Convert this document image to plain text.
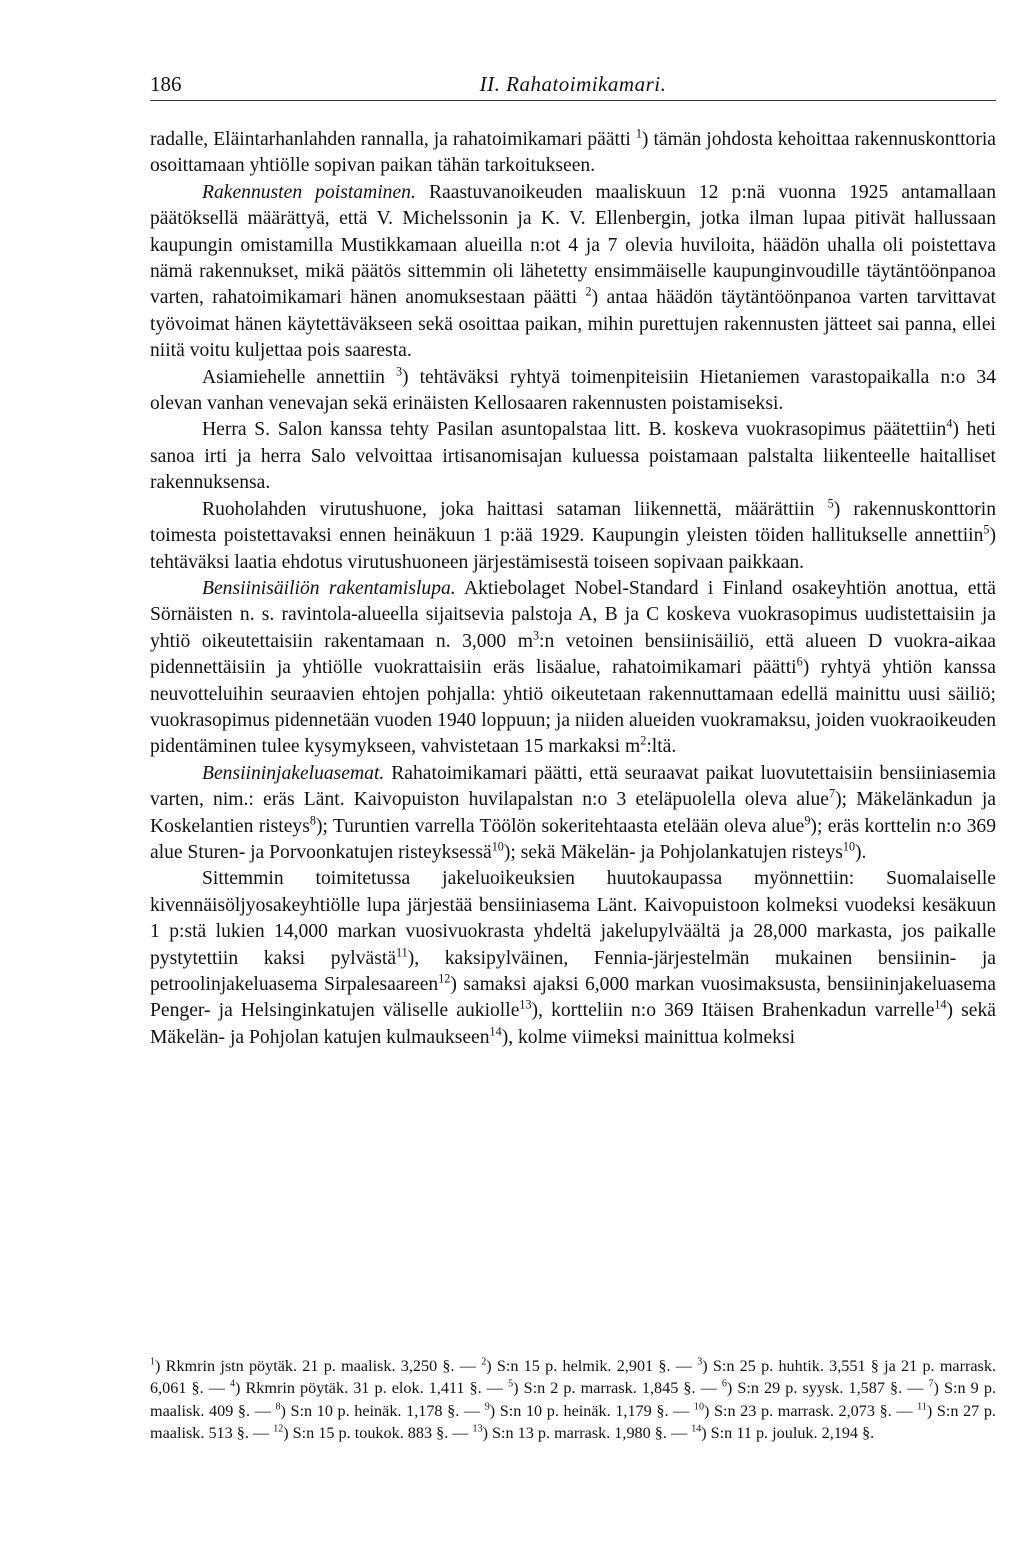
186	II. Rahatoimikamari.

radalle, Eläintarhanlahden rannalla, ja rahatoimikamari päätti $^1$) tämän johdosta kehoittaa rakennuskonttoria osoittamaan yhtiölle sopivan paikan tähän tarkoitukseen.

Rakennusten poistaminen. Raastuvanoikeuden maaliskuun 12 p:nä vuonna 1925 antamallaan päätöksellä määrättyä, että V. Michelssonin ja K. V. Ellenbergin, jotka ilman lupaa pitivät hallussaan kaupungin omistamilla Mustikkamaan alueilla n:ot 4 ja 7 olevia huviloita, häädön uhalla oli poistettava nämä rakennukset, mikä päätös sittemmin oli lähetetty ensimmäiselle kaupunginvoudille täytäntöönpanoa varten, rahatoimikamari hänen anomuksestaan päätti $^2$) antaa häädön täytäntöönpanoa varten tarvittavat työvoimat hänen käytettäväkseen sekä osoittaa paikan, mihin purettujen rakennusten jätteet sai panna, ellei niitä voitu kuljettaa pois saaresta.

Asiamiehelle annettiin $^3$) tehtäväksi ryhtyä toimenpiteisiin Hietaniemen varastopaikalla n:o 34 olevan vanhan venevajan sekä erinäisten Kellosaaren rakennusten poistamiseksi.

Herra S. Salon kanssa tehty Pasilan asuntopalstaa litt. B. koskeva vuokrasopimus päätettiin$^4$) heti sanoa irti ja herra Salo velvoittaa irtisanomisajan kuluessa poistamaan palstalta liikenteelle haitalliset rakennuksensa.

Ruoholahden virutushuone, joka haittasi sataman liikennettä, määrättiin $^5$) rakennuskonttorin toimesta poistettavaksi ennen heinäkuun 1 p:ää 1929. Kaupungin yleisten töiden hallitukselle annettiin$^5$) tehtäväksi laatia ehdotus virutushuoneen järjestämisestä toiseen sopivaan paikkaan.

Bensiinisäiliön rakentamislupa. Aktiebolaget Nobel-Standard i Finland osakeyhtiön anottua, että Sörnäisten n. s. ravintola-alueella sijaitsevia palstoja A, B ja C koskeva vuokrasopimus uudistettaisiin ja yhtiö oikeutettaisiin rakentamaan n. 3,000 $m^3:n$ vetoinen bensiinisäiliö, että alueen D vuokra-aikaa pidennettäisiin ja yhtiölle vuokrattaisiin eräs lisäalue, rahatoimikamari päätti$^6$) ryhtyä yhtiön kanssa neuvotteluihin seuraavien ehtojen pohjalla: yhtiö oikeutetaan rakennuttamaan edellä mainittu uusi säiliö; vuokrasopimus pidennetään vuoden 1940 loppuun; ja niiden alueiden vuokramaksu, joiden vuokraoikeuden pidentäminen tulee kysymykseen, vahvistetaan 15 markaksi $m^2:ltä$.

Bensiininjakeluasemat. Rahatoimikamari päätti, että seuraavat paikat luovutettaisiin bensiiniasemia varten, nim.: eräs Länt. Kaivopuiston huvilapalstan n:o 3 eteläpuolella oleva alue$^7$); Mäkelänkadun ja Koskelantien risteys$^8$); Turuntien varrella Töölön sokeritehtaasta etelään oleva alue$^9$); eräs korttelin n:o 369 alue Sturen- ja Porvoonkatujen risteyksessä$^{10}$); sekä Mäkelän- ja Pohjolankatujen risteys$^{10}$).

Sittemmin toimitetussa jakeluoikeuksien huutokaupassa myönnettiin: Suomalaiselle kivennäisöljyosakeyhtiölle lupa järjestää bensiiniasema Länt. Kaivopuistoon kolmeksi vuodeksi kesäkuun 1 p:stä lukien 14,000 markan vuosivuokrasta yhdeltä jakelupylväältä ja 28,000 markasta, jos paikalle pystytettiin kaksi pylvästä$^{11}$), kaksipylväinen, Fennia-järjestelmän mukainen bensiinin- ja petroolinjakeluasema Sirpalesaareen$^{12}$) samaksi ajaksi 6,000 markan vuosimaksusta, bensiininjakeluasema Penger- ja Helsinginkatujen väliselle aukiolle$^{13}$), kortteliin n:o 369 Itäisen Brahenkadun varrelle$^{14}$) sekä Mäkelän- ja Pohjolan katujen kulmaukseen$^{14}$), kolme viimeksi mainittua kolmeksi

$^1$) Rkmrin jstn pöytäk. 21 p. maalisk. 3,250 §. — $^2$) S:n 15 p. helmik. 2,901 §. — $^3$) S:n 25 p. huhtik. 3,551 § ja 21 p. marrask. 6,061 §. — $^4$) Rkmrin pöytäk. 31 p. elok. 1,411 §. — $^5$) S:n 2 p. marrask. 1,845 §. — $^6$) S:n 29 p. syysk. 1,587 §. — $^7$) S:n 9 p. maalisk. 409 §. — $^8$) S:n 10 p. heinäk. 1,178 §. — $^9$) S:n 10 p. heinäk. 1,179 §. — $^{10}$) S:n 23 p. marrask. 2,073 §. — $^{11}$) S:n 27 p. maalisk. 513 §. — $^{12}$) S:n 15 p. toukok. 883 §. — $^{13}$) S:n 13 p. marrask. 1,980 §. — $^{14}$) S:n 11 p. jouluk. 2,194 §.
